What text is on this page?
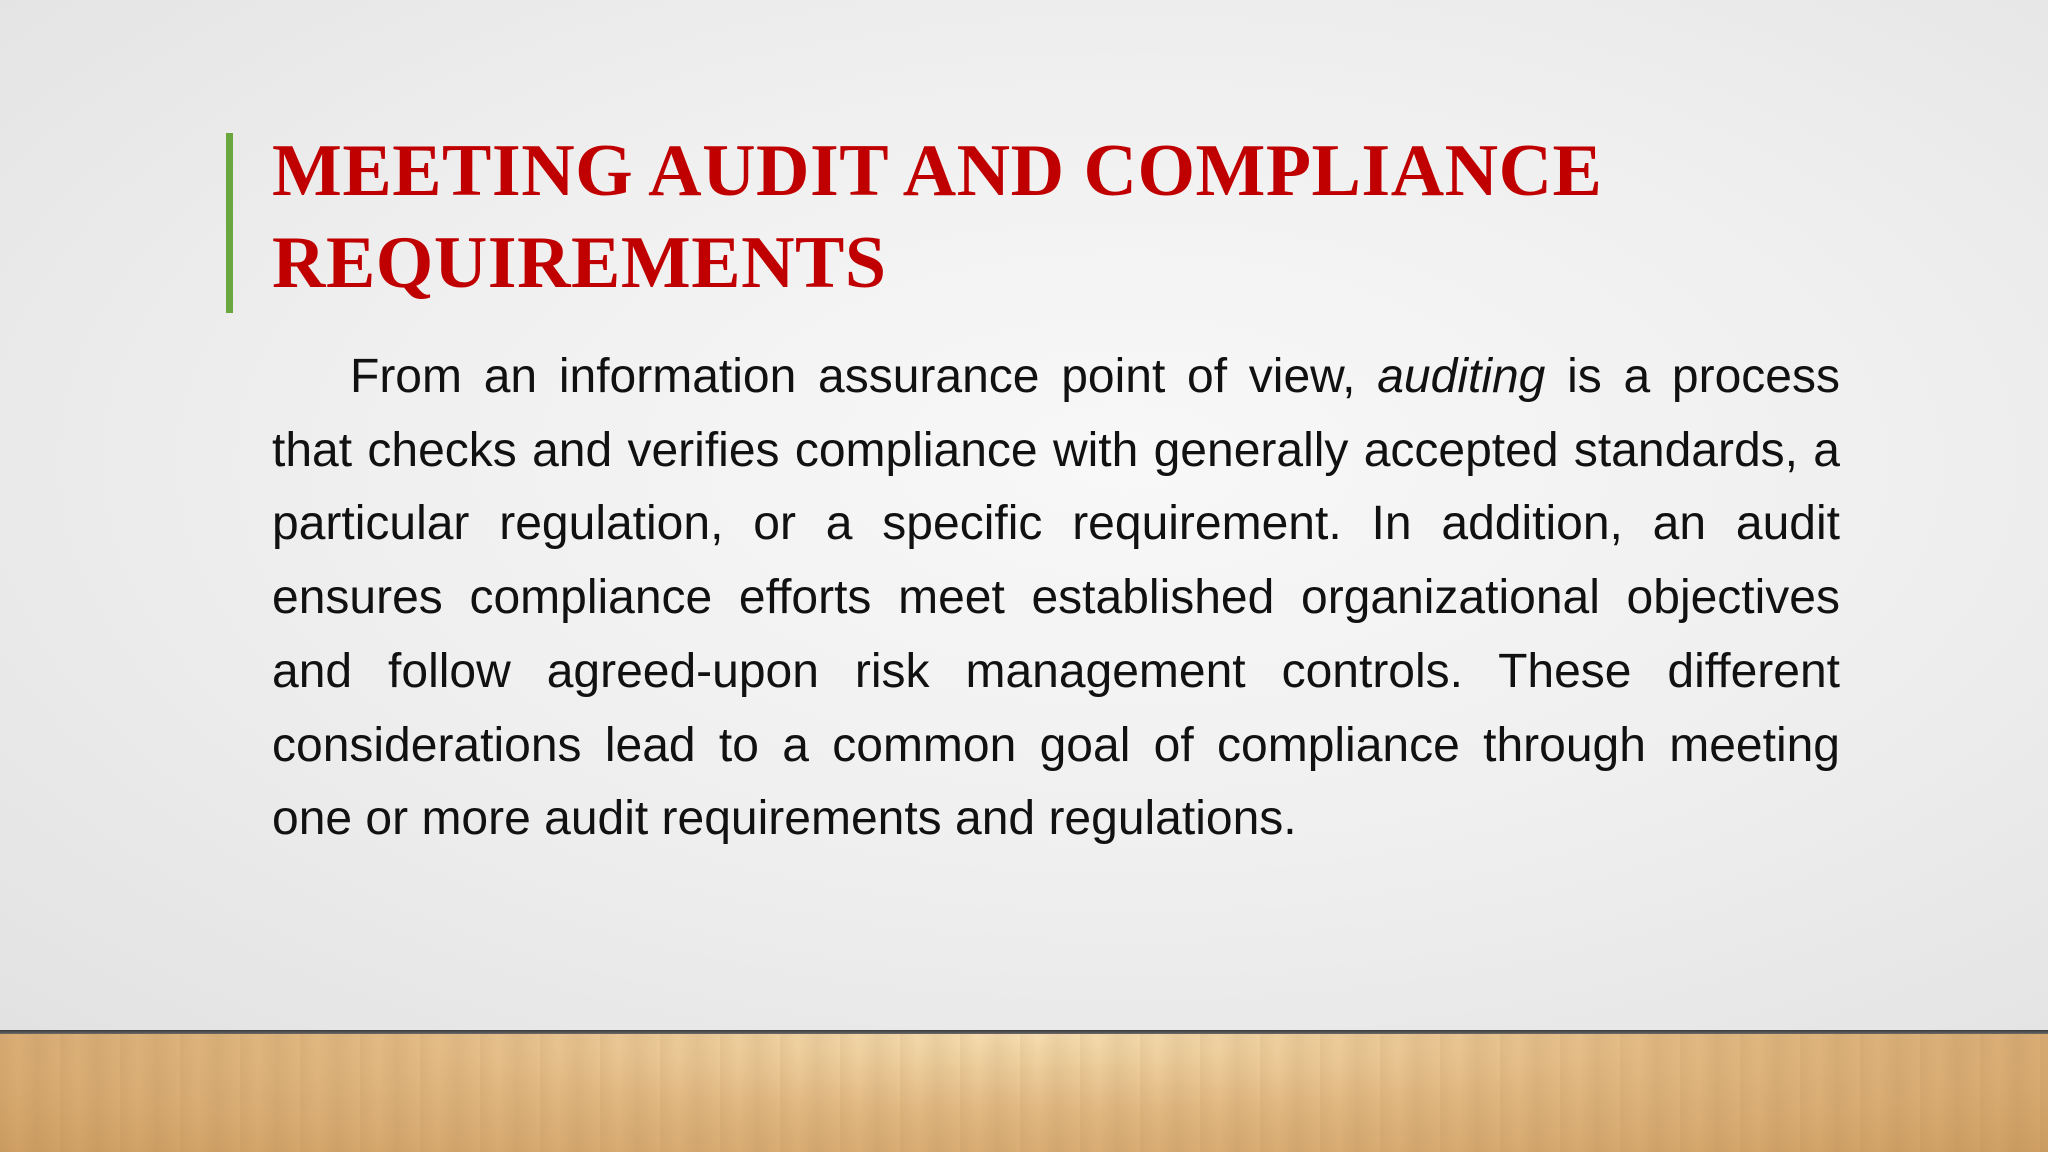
MEETING AUDIT AND COMPLIANCE
REQUIREMENTS

From an information assurance point of view, auditing is a process that checks and verifies compliance with generally accepted standards, a particular regulation, or a specific requirement. In addition, an audit ensures compliance efforts meet established organizational objectives and follow agreed-upon risk management controls. These different considerations lead to a common goal of compliance through meeting one or more audit requirements and regulations.
